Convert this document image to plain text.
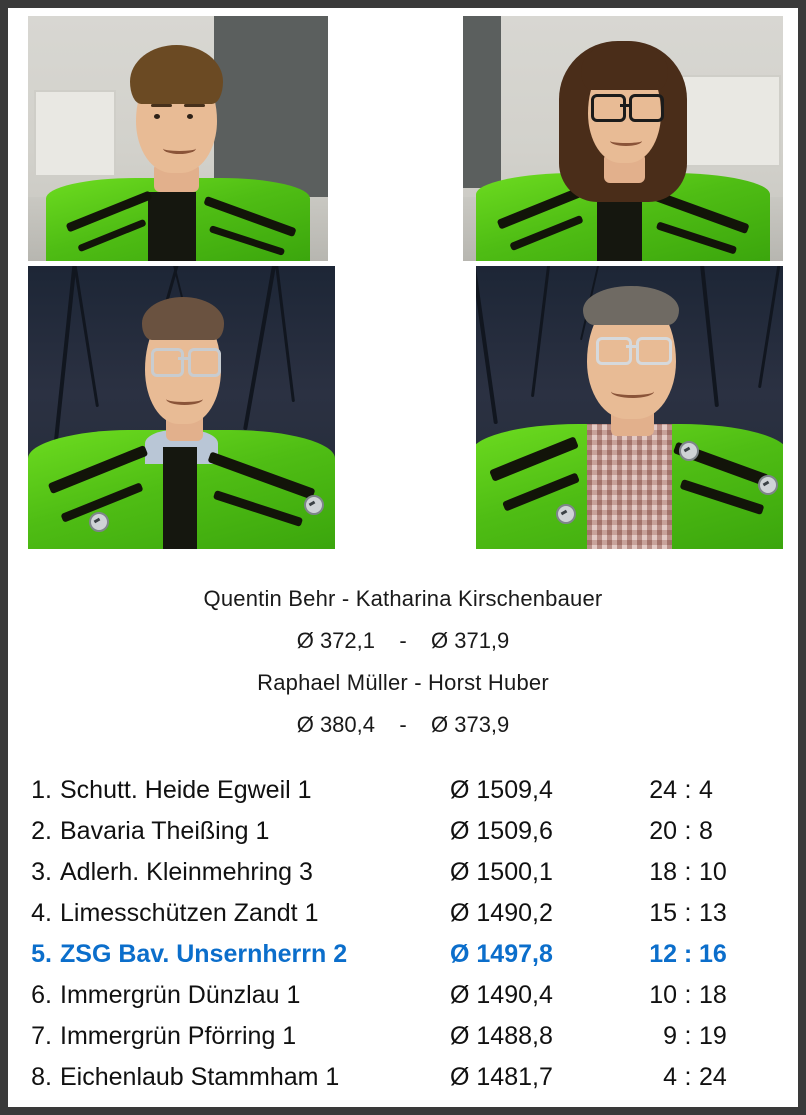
Quentin Behr - Katharina Kirschenbauer
Ø 372,1 - Ø 371,9
Raphael Müller - Horst Huber
Ø 380,4 - Ø 373,9
1. Schutt. Heide Egweil 1	Ø 1509,4	24 : 4
2. Bavaria Theißing 1	Ø 1509,6	20 : 8
3. Adlerh. Kleinmehring 3	Ø 1500,1	18 : 10
4. Limesschützen Zandt 1	Ø 1490,2	15 : 13
5. ZSG Bav. Unsernherrn 2	Ø 1497,8	12 : 16
6. Immergrün Dünzlau 1	Ø 1490,4	10 : 18
7. Immergrün Pförring 1	Ø 1488,8	9 : 19
8. Eichenlaub Stammham 1	Ø 1481,7	4 : 24
